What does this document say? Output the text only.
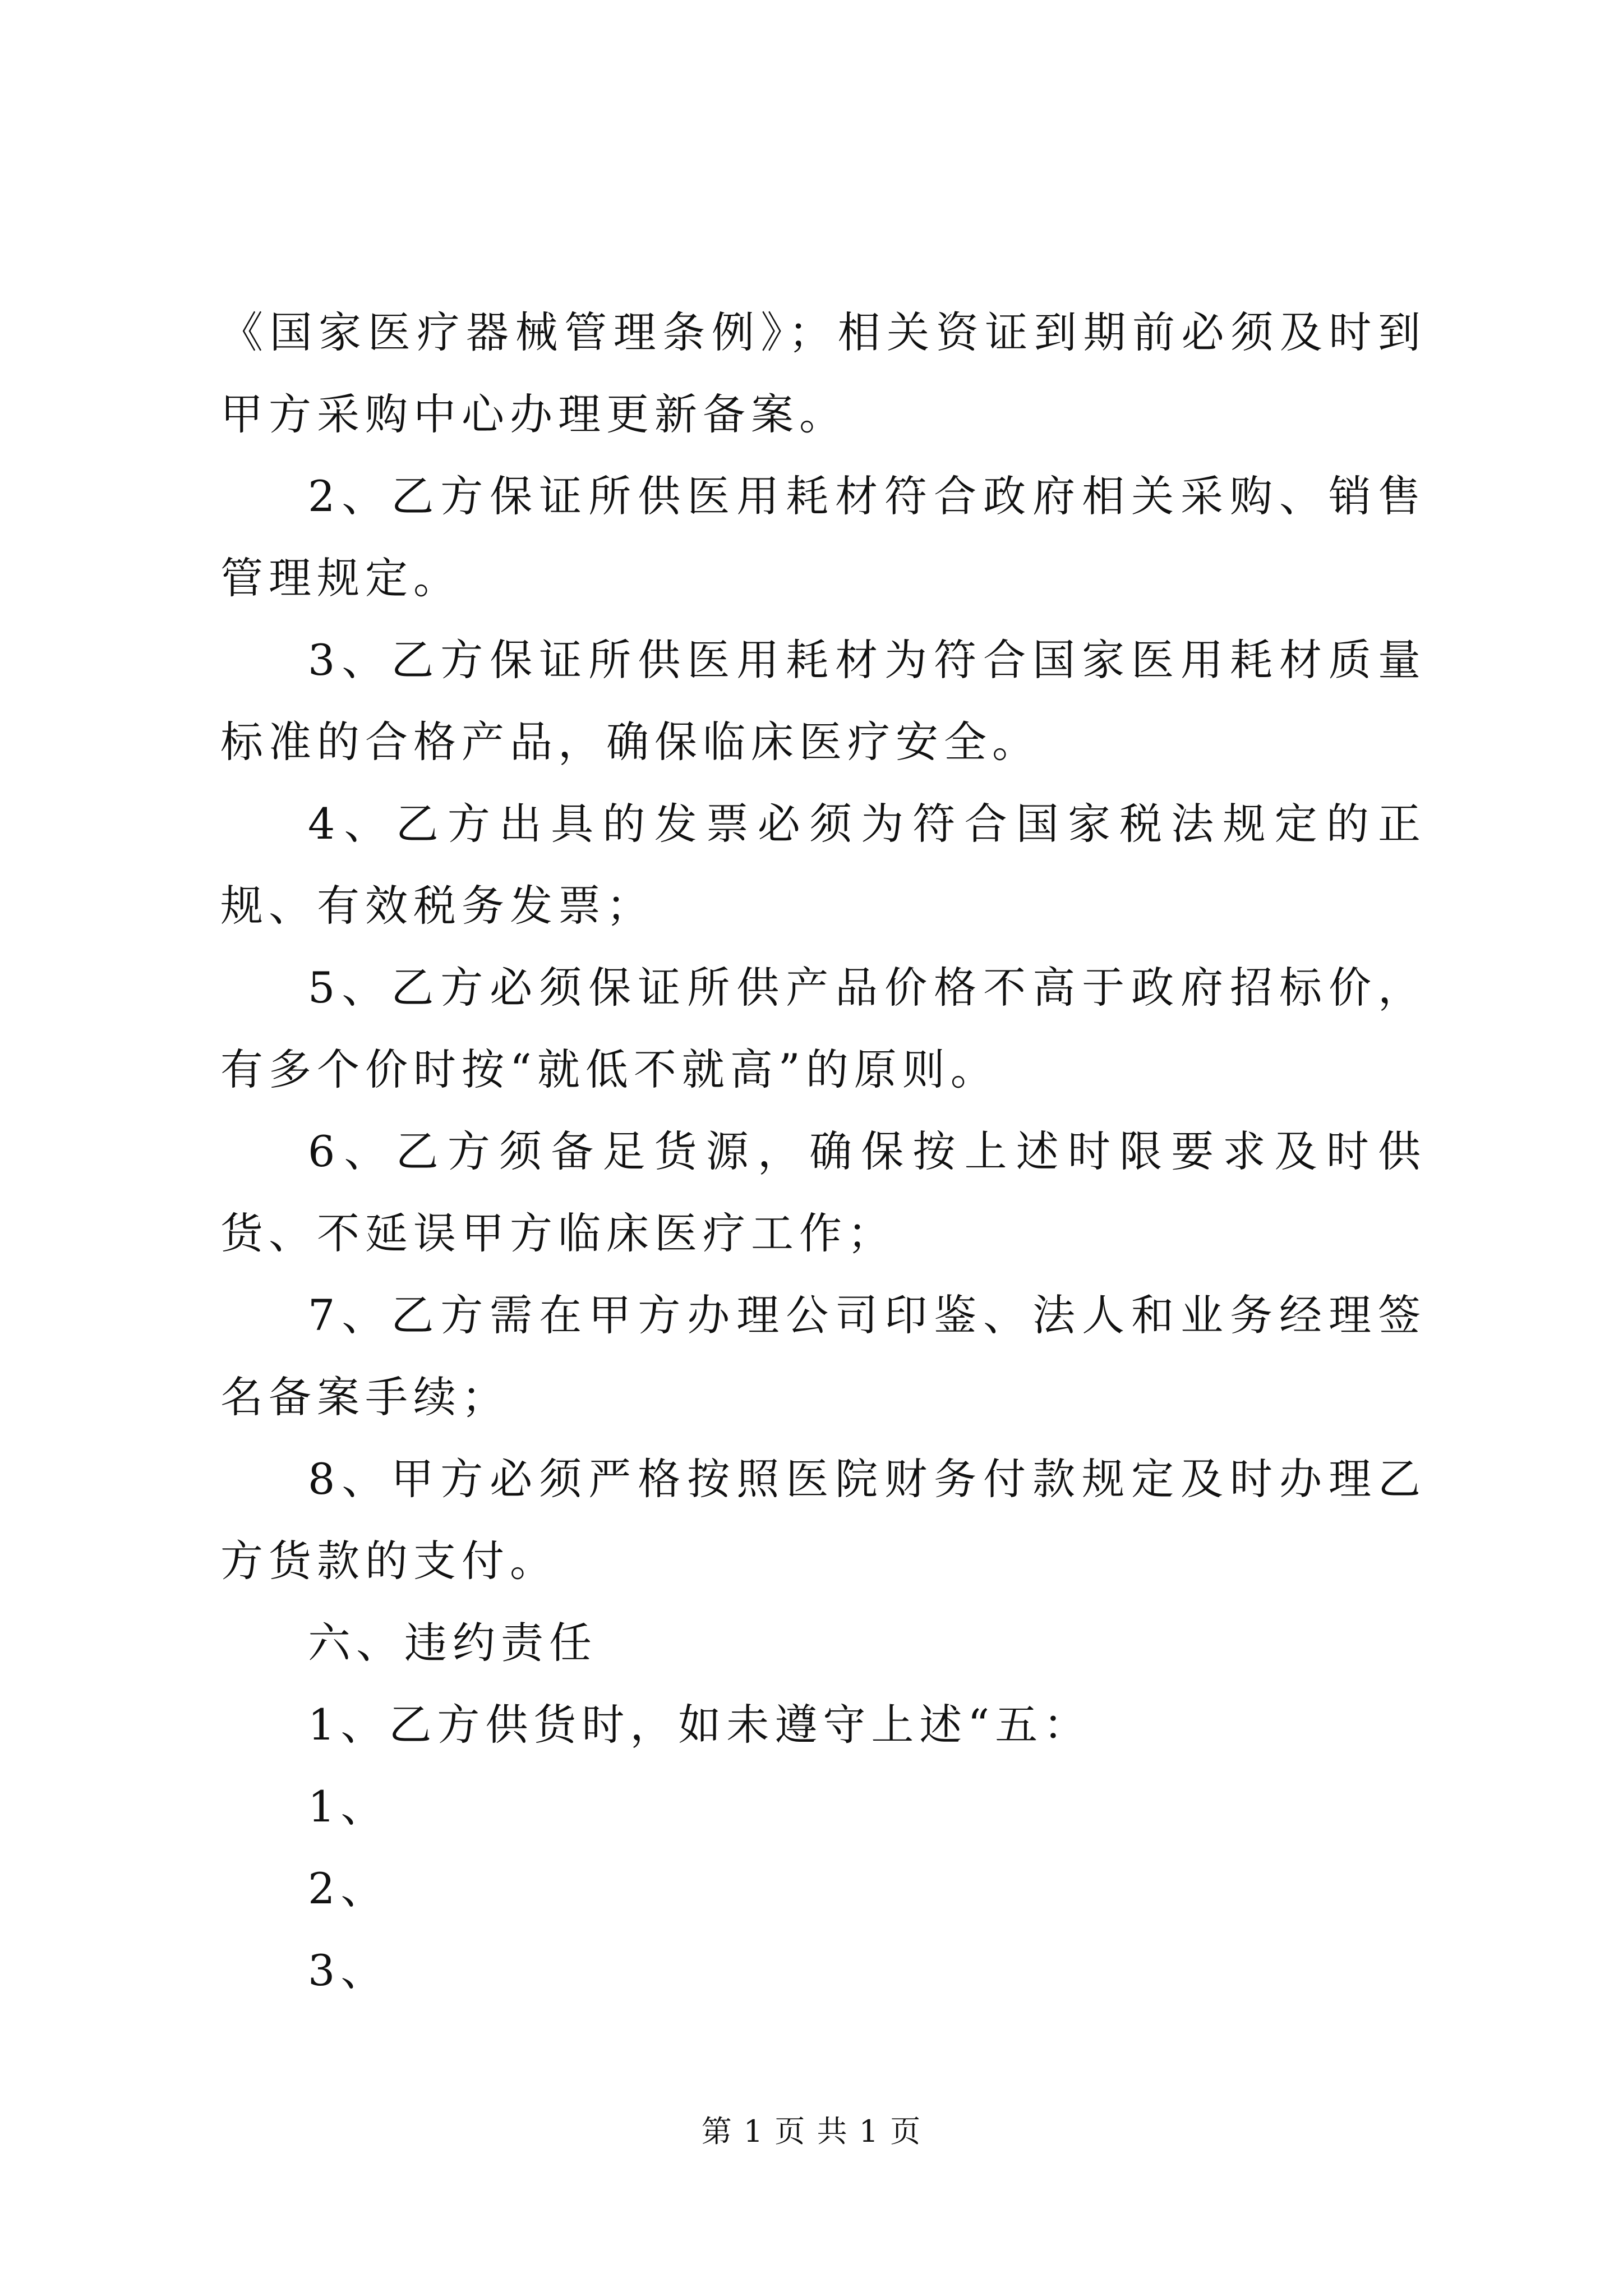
《国家医疗器械管理条例》；相关资证到期前必须及时到甲方采购中心办理更新备案。

2、乙方保证所供医用耗材符合政府相关采购、销售管理规定。

3、乙方保证所供医用耗材为符合国家医用耗材质量标准的合格产品，确保临床医疗安全。

4、乙方出具的发票必须为符合国家税法规定的正规、有效税务发票；

5、乙方必须保证所供产品价格不高于政府招标价，有多个价时按“就低不就高”的原则。

6、乙方须备足货源，确保按上述时限要求及时供货、不延误甲方临床医疗工作；

7、乙方需在甲方办理公司印鉴、法人和业务经理签名备案手续；

8、甲方必须严格按照医院财务付款规定及时办理乙方货款的支付。

六、违约责任

1、乙方供货时，如未遵守上述“五：

1、

2、

3、

第 1 页 共 1 页
